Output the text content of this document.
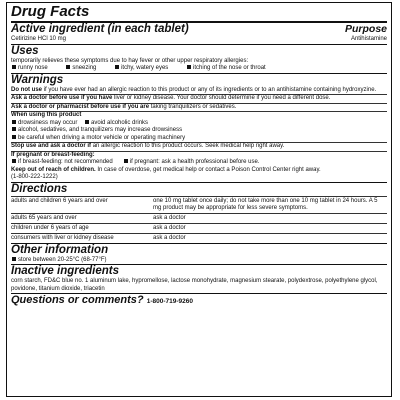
Drug Facts
Active ingredient (in each tablet)	Purpose
Cetirizine HCl 10 mg	Antihistamine
Uses
temporarily relieves these symptoms due to hay fever or other upper respiratory allergies:
runny nose	sneezing	itchy, watery eyes	itching of the nose or throat
Warnings

Do not use if you have ever had an allergic reaction to this product or any of its ingredients or to an antihistamine containing hydroxyzine.

Ask a doctor before use if you have liver or kidney disease. Your doctor should determine if you need a different dose.

Ask a doctor or pharmacist before use if you are taking tranquilizers or sedatives.

When using this product

drowsiness may occur avoid alcoholic drinks

alcohol, sedatives, and tranquilizers may increase drowsiness

be careful when driving a motor vehicle or operating machinery

Stop use and ask a doctor if an allergic reaction to this product occurs. Seek medical help right away.

If pregnant or breast-feeding:

if breast-feeding: not recommended	if pregnant: ask a health professional before use.

Keep out of reach of children. In case of overdose, get medical help or contact a Poison Control Center right away.

(1-800-222-1222)

Directions
adults and children 6 years and over	one 10 mg tablet once daily; do not take more than one 10 mg tablet in 24 hours. A 5 mg product may be appropriate for less severe symptoms.
adults 65 years and over	ask a doctor
children under 6 years of age	ask a doctor
consumers with liver or kidney disease	ask a doctor
Other information

store between 20-25°C (68-77°F)

Inactive ingredients

corn starch, FD&C blue no. 1 aluminum lake, hypromellose, lactose monohydrate, magnesium stearate, polydextrose, polyethylene glycol, povidone, titanium dioxide, triacetin

Questions or comments? 1-800-719-9260
